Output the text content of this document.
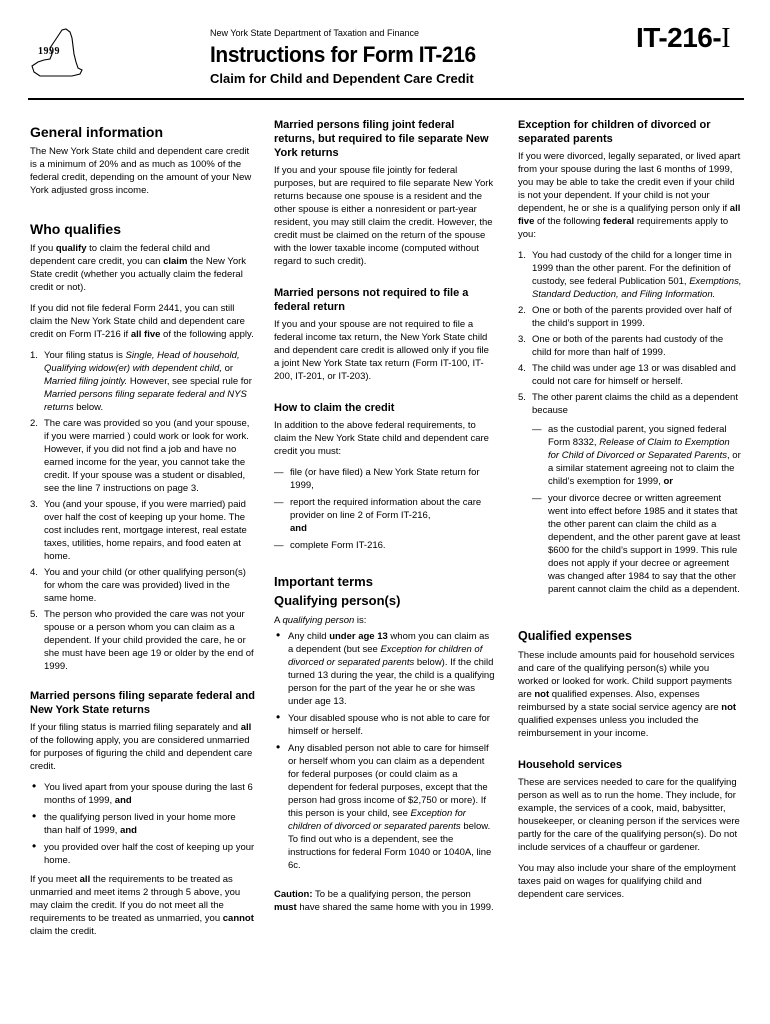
1999
New York State Department of Taxation and Finance
Instructions for Form IT-216
IT-216-I
Claim for Child and Dependent Care Credit
General information

The New York State child and dependent care credit is a minimum of 20% and as much as 100% of the federal credit, depending on the amount of your New York adjusted gross income.

Who qualifies

If you qualify to claim the federal child and dependent care credit, you can claim the New York State credit (whether you actually claim the federal credit or not).

If you did not file federal Form 2441, you can still claim the New York State child and dependent care credit on Form IT-216 if all five of the following apply.

1. Your filing status is Single, Head of household, Qualifying widow(er) with dependent child, or Married filing jointly. However, see special rule for Married persons filing separate federal and NYS returns below.
2. The care was provided so you (and your spouse, if you were married ) could work or look for work. However, if you did not find a job and have no earned income for the year, you cannot take the credit. If your spouse was a student or disabled, see the line 7 instructions on page 3.
3. You (and your spouse, if you were married) paid over half the cost of keeping up your home. The cost includes rent, mortgage interest, real estate taxes, utilities, home repairs, and food eaten at home.
4. You and your child (or other qualifying person(s) for whom the care was provided) lived in the same home.
5. The person who provided the care was not your spouse or a person whom you can claim as a dependent. If your child provided the care, he or she must have been age 19 or older by the end of 1999.
Married persons filing separate federal and New York State returns

If your filing status is married filing separately and all of the following apply, you are considered unmarried for purposes of figuring the child and dependent care credit.

• You lived apart from your spouse during the last 6 months of 1999, and
• the qualifying person lived in your home more than half of 1999, and
• you provided over half the cost of keeping up your home.

If you meet all the requirements to be treated as unmarried and meet items 2 through 5 above, you may claim the credit. If you do not meet all the requirements to be treated as unmarried, you cannot claim the credit.

Married persons filing joint federal returns, but required to file separate New York returns

If you and your spouse file jointly for federal purposes, but are required to file separate New York returns because one spouse is a resident and the other spouse is either a nonresident or part-year resident, you may still claim the credit. However, the credit must be claimed on the return of the spouse with the lower taxable income (computed without regard to such credit).

Married persons not required to file a federal return

If you and your spouse are not required to file a federal income tax return, the New York State child and dependent care credit is allowed only if you file a joint New York State tax return (Form IT-100, IT-200, IT-201, or IT-203).

How to claim the credit

In addition to the above federal requirements, to claim the New York State child and dependent care credit you must:

— file (or have filed) a New York State return for 1999,
— report the required information about the care provider on line 2 of Form IT-216,
and
— complete Form IT-216.
Important terms
Qualifying person(s)

A qualifying person is:

• Any child under age 13 whom you can claim as a dependent (but see Exception for children of divorced or separated parents below). If the child turned 13 during the year, the child is a qualifying person for the part of the year he or she was under age 13.
• Your disabled spouse who is not able to care for himself or herself.
• Any disabled person not able to care for himself or herself whom you can claim as a dependent for federal purposes (or could claim as a dependent for federal purposes, except that the person had gross income of $2,750 or more). If this person is your child, see Exception for children of divorced or separated parents below. To find out who is a dependent, see the instructions for federal Form 1040 or 1040A, line 6c.

Caution: To be a qualifying person, the person must have shared the same home with you in 1999.

Exception for children of divorced or separated parents

If you were divorced, legally separated, or lived apart from your spouse during the last 6 months of 1999, you may be able to take the credit even if your child is not your dependent. If your child is not your dependent, he or she is a qualifying person only if all five of the following federal requirements apply to you:

1. You had custody of the child for a longer time in 1999 than the other parent. For the definition of custody, see federal Publication 501, Exemptions, Standard Deduction, and Filing Information.
2. One or both of the parents provided over half of the child’s support in 1999.
3. One or both of the parents had custody of the child for more than half of 1999.
4. The child was under age 13 or was disabled and could not care for himself or herself.
5. The other parent claims the child as a dependent because
— as the custodial parent, you signed federal Form 8332, Release of Claim to Exemption for Child of Divorced or Separated Parents, or a similar statement agreeing not to claim the child’s exemption for 1999, or
— your divorce decree or written agreement went into effect before 1985 and it states that the other parent can claim the child as a dependent, and the other parent gave at least $600 for the child’s support in 1999. This rule does not apply if your decree or agreement was changed after 1984 to say that the other parent cannot claim the child as a dependent.
Qualified expenses

These include amounts paid for household services and care of the qualifying person(s) while you worked or looked for work. Child support payments are not qualified expenses. Also, expenses reimbursed by a state social service agency are not qualified expenses unless you included the reimbursement in your income.

Household services

These are services needed to care for the qualifying person as well as to run the home. They include, for example, the services of a cook, maid, babysitter, housekeeper, or cleaning person if the services were partly for the care of the qualifying person(s). Do not include services of a chauffeur or gardener.

You may also include your share of the employment taxes paid on wages for qualifying child and dependent care services.
